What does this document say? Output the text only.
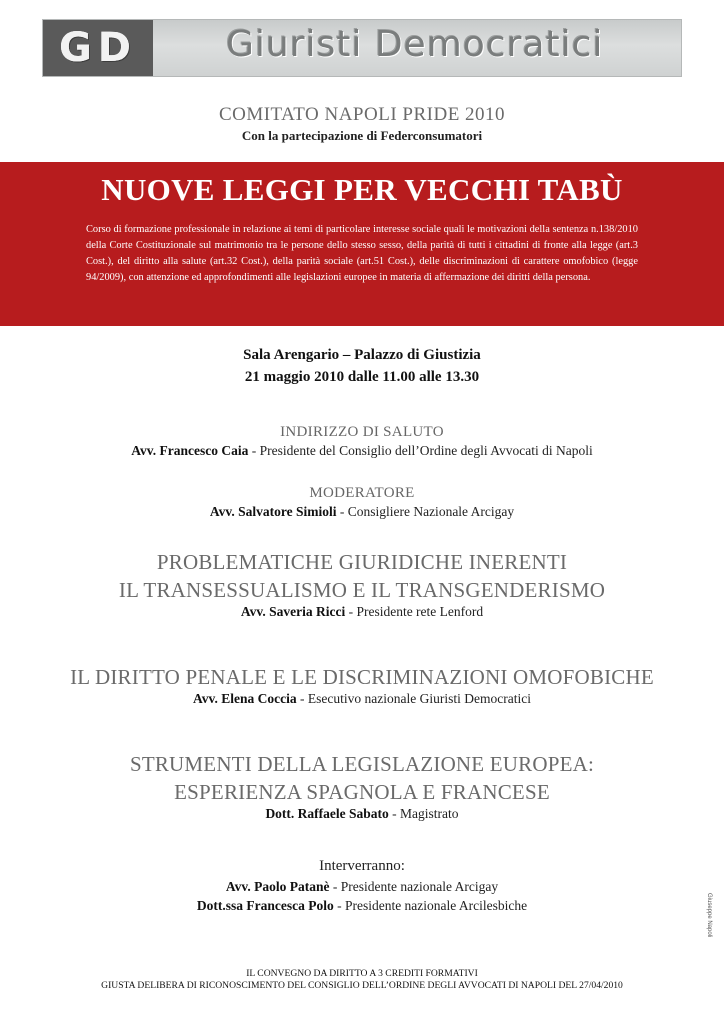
GD Giuristi Democratici
COMITATO NAPOLI PRIDE 2010
Con la partecipazione di Federconsumatori
NUOVE LEGGI PER VECCHI TABÙ
Corso di formazione professionale in relazione ai temi di particolare interesse sociale quali le motivazioni della sentenza n.138/2010 della Corte Costituzionale sul matrimonio tra le persone dello stesso sesso, della parità di tutti i cittadini di fronte alla legge (art.3 Cost.), del diritto alla salute (art.32 Cost.), della parità sociale (art.51 Cost.), delle discriminazioni di carattere omofobico (legge 94/2009), con attenzione ed approfondimenti alle legislazioni europee in materia di affermazione dei diritti della persona.
Sala Arengario – Palazzo di Giustizia
21 maggio 2010 dalle 11.00 alle 13.30
INDIRIZZO DI SALUTO
Avv. Francesco Caia - Presidente del Consiglio dell’Ordine degli Avvocati di Napoli
MODERATORE
Avv. Salvatore Simioli - Consigliere Nazionale Arcigay
PROBLEMATICHE GIURIDICHE INERENTI
IL TRANSESSUALISMO E IL TRANSGENDERISMO
Avv. Saveria Ricci - Presidente rete Lenford
IL DIRITTO PENALE E LE DISCRIMINAZIONI OMOFOBICHE
Avv. Elena Coccia - Esecutivo nazionale Giuristi Democratici
STRUMENTI DELLA LEGISLAZIONE EUROPEA:
ESPERIENZA SPAGNOLA E FRANCESE
Dott. Raffaele Sabato - Magistrato
Interverranno:
Avv. Paolo Patanè - Presidente nazionale Arcigay
Dott.ssa Francesca Polo - Presidente nazionale Arcilesbiche
IL CONVEGNO DA DIRITTO A 3 CREDITI FORMATIVI
GIUSTA DELIBERA DI RICONOSCIMENTO DEL CONSIGLIO DELL’ORDINE DEGLI AVVOCATI DI NAPOLI DEL 27/04/2010
Giuseppe Napoli
